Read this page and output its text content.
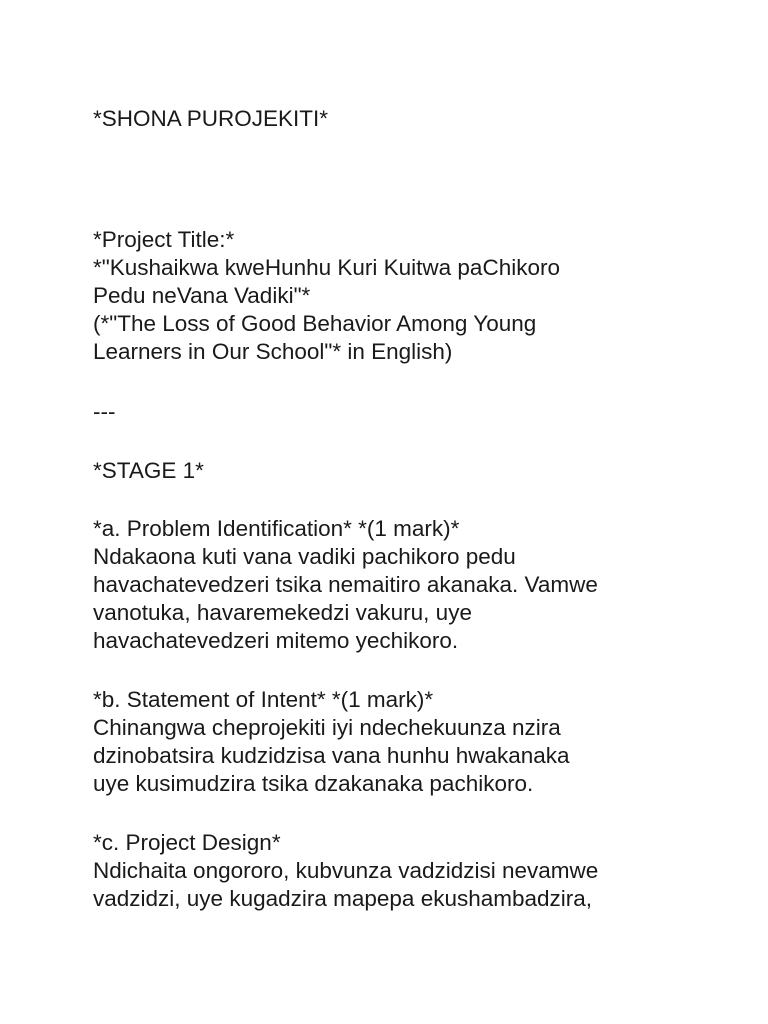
*SHONA PUROJEKITI*

*Project Title:*

*"Kushaikwa kweHunhu Kuri Kuitwa paChikoro

Pedu neVana Vadiki"*

(*"The Loss of Good Behavior Among Young

Learners in Our School"* in English)

---

*STAGE 1*

*a. Problem Identification* *(1 mark)*

Ndakaona kuti vana vadiki pachikoro pedu

havachatevedzeri tsika nemaitiro akanaka. Vamwe

vanotuka, havaremekedzi vakuru, uye

havachatevedzeri mitemo yechikoro.

*b. Statement of Intent* *(1 mark)*

Chinangwa cheprojekiti iyi ndechekuunza nzira

dzinobatsira kudzidzisa vana hunhu hwakanaka

uye kusimudzira tsika dzakanaka pachikoro.

*c. Project Design*

Ndichaita ongororo, kubvunza vadzidzisi nevamwe

vadzidzi, uye kugadzira mapepa ekushambadzira,
